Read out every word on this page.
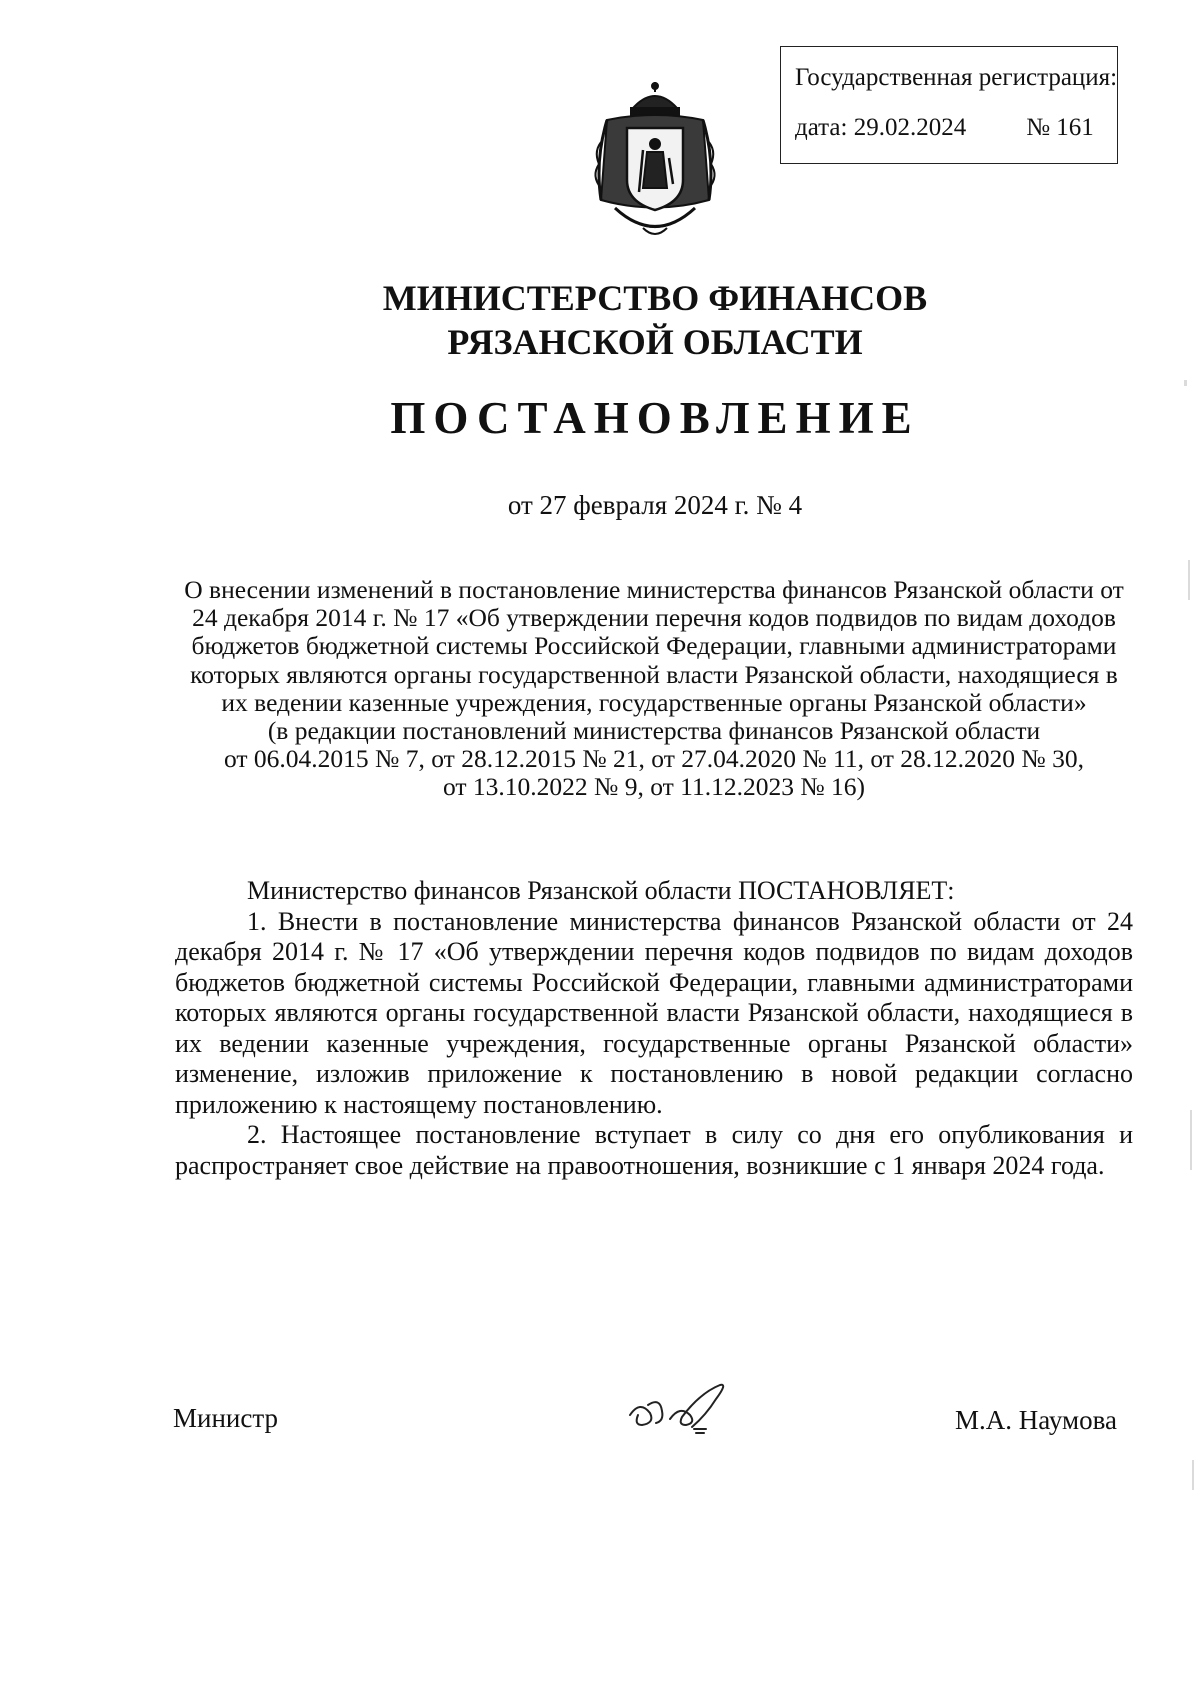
Государственная регистрация:
дата: 29.02.2024 № 161
МИНИСТЕРСТВО ФИНАНСОВ
РЯЗАНСКОЙ ОБЛАСТИ
ПОСТАНОВЛЕНИЕ
от 27 февраля 2024 г. № 4
О внесении изменений в постановление министерства финансов Рязанской области от
24 декабря 2014 г. № 17 «Об утверждении перечня кодов подвидов по видам доходов
бюджетов бюджетной системы Российской Федерации, главными администраторами
которых являются органы государственной власти Рязанской области, находящиеся в
их ведении казенные учреждения, государственные органы Рязанской области»
(в редакции постановлений министерства финансов Рязанской области
от 06.04.2015 № 7, от 28.12.2015 № 21, от 27.04.2020 № 11, от 28.12.2020 № 30,
от 13.10.2022 № 9, от 11.12.2023 № 16)

Министерство финансов Рязанской области ПОСТАНОВЛЯЕТ:

1. Внести в постановление министерства финансов Рязанской области от 24 декабря 2014 г. № 17 «Об утверждении перечня кодов подвидов по видам доходов бюджетов бюджетной системы Российской Федерации, главными администраторами которых являются органы государственной власти Рязанской области, находящиеся в их ведении казенные учреждения, государственные органы Рязанской области» изменение, изложив приложение к постановлению в новой редакции согласно приложению к настоящему постановлению.

2. Настоящее постановление вступает в силу со дня его опубликования и распространяет свое действие на правоотношения, возникшие с 1 января 2024 года.

Министр	М.А. Наумова
